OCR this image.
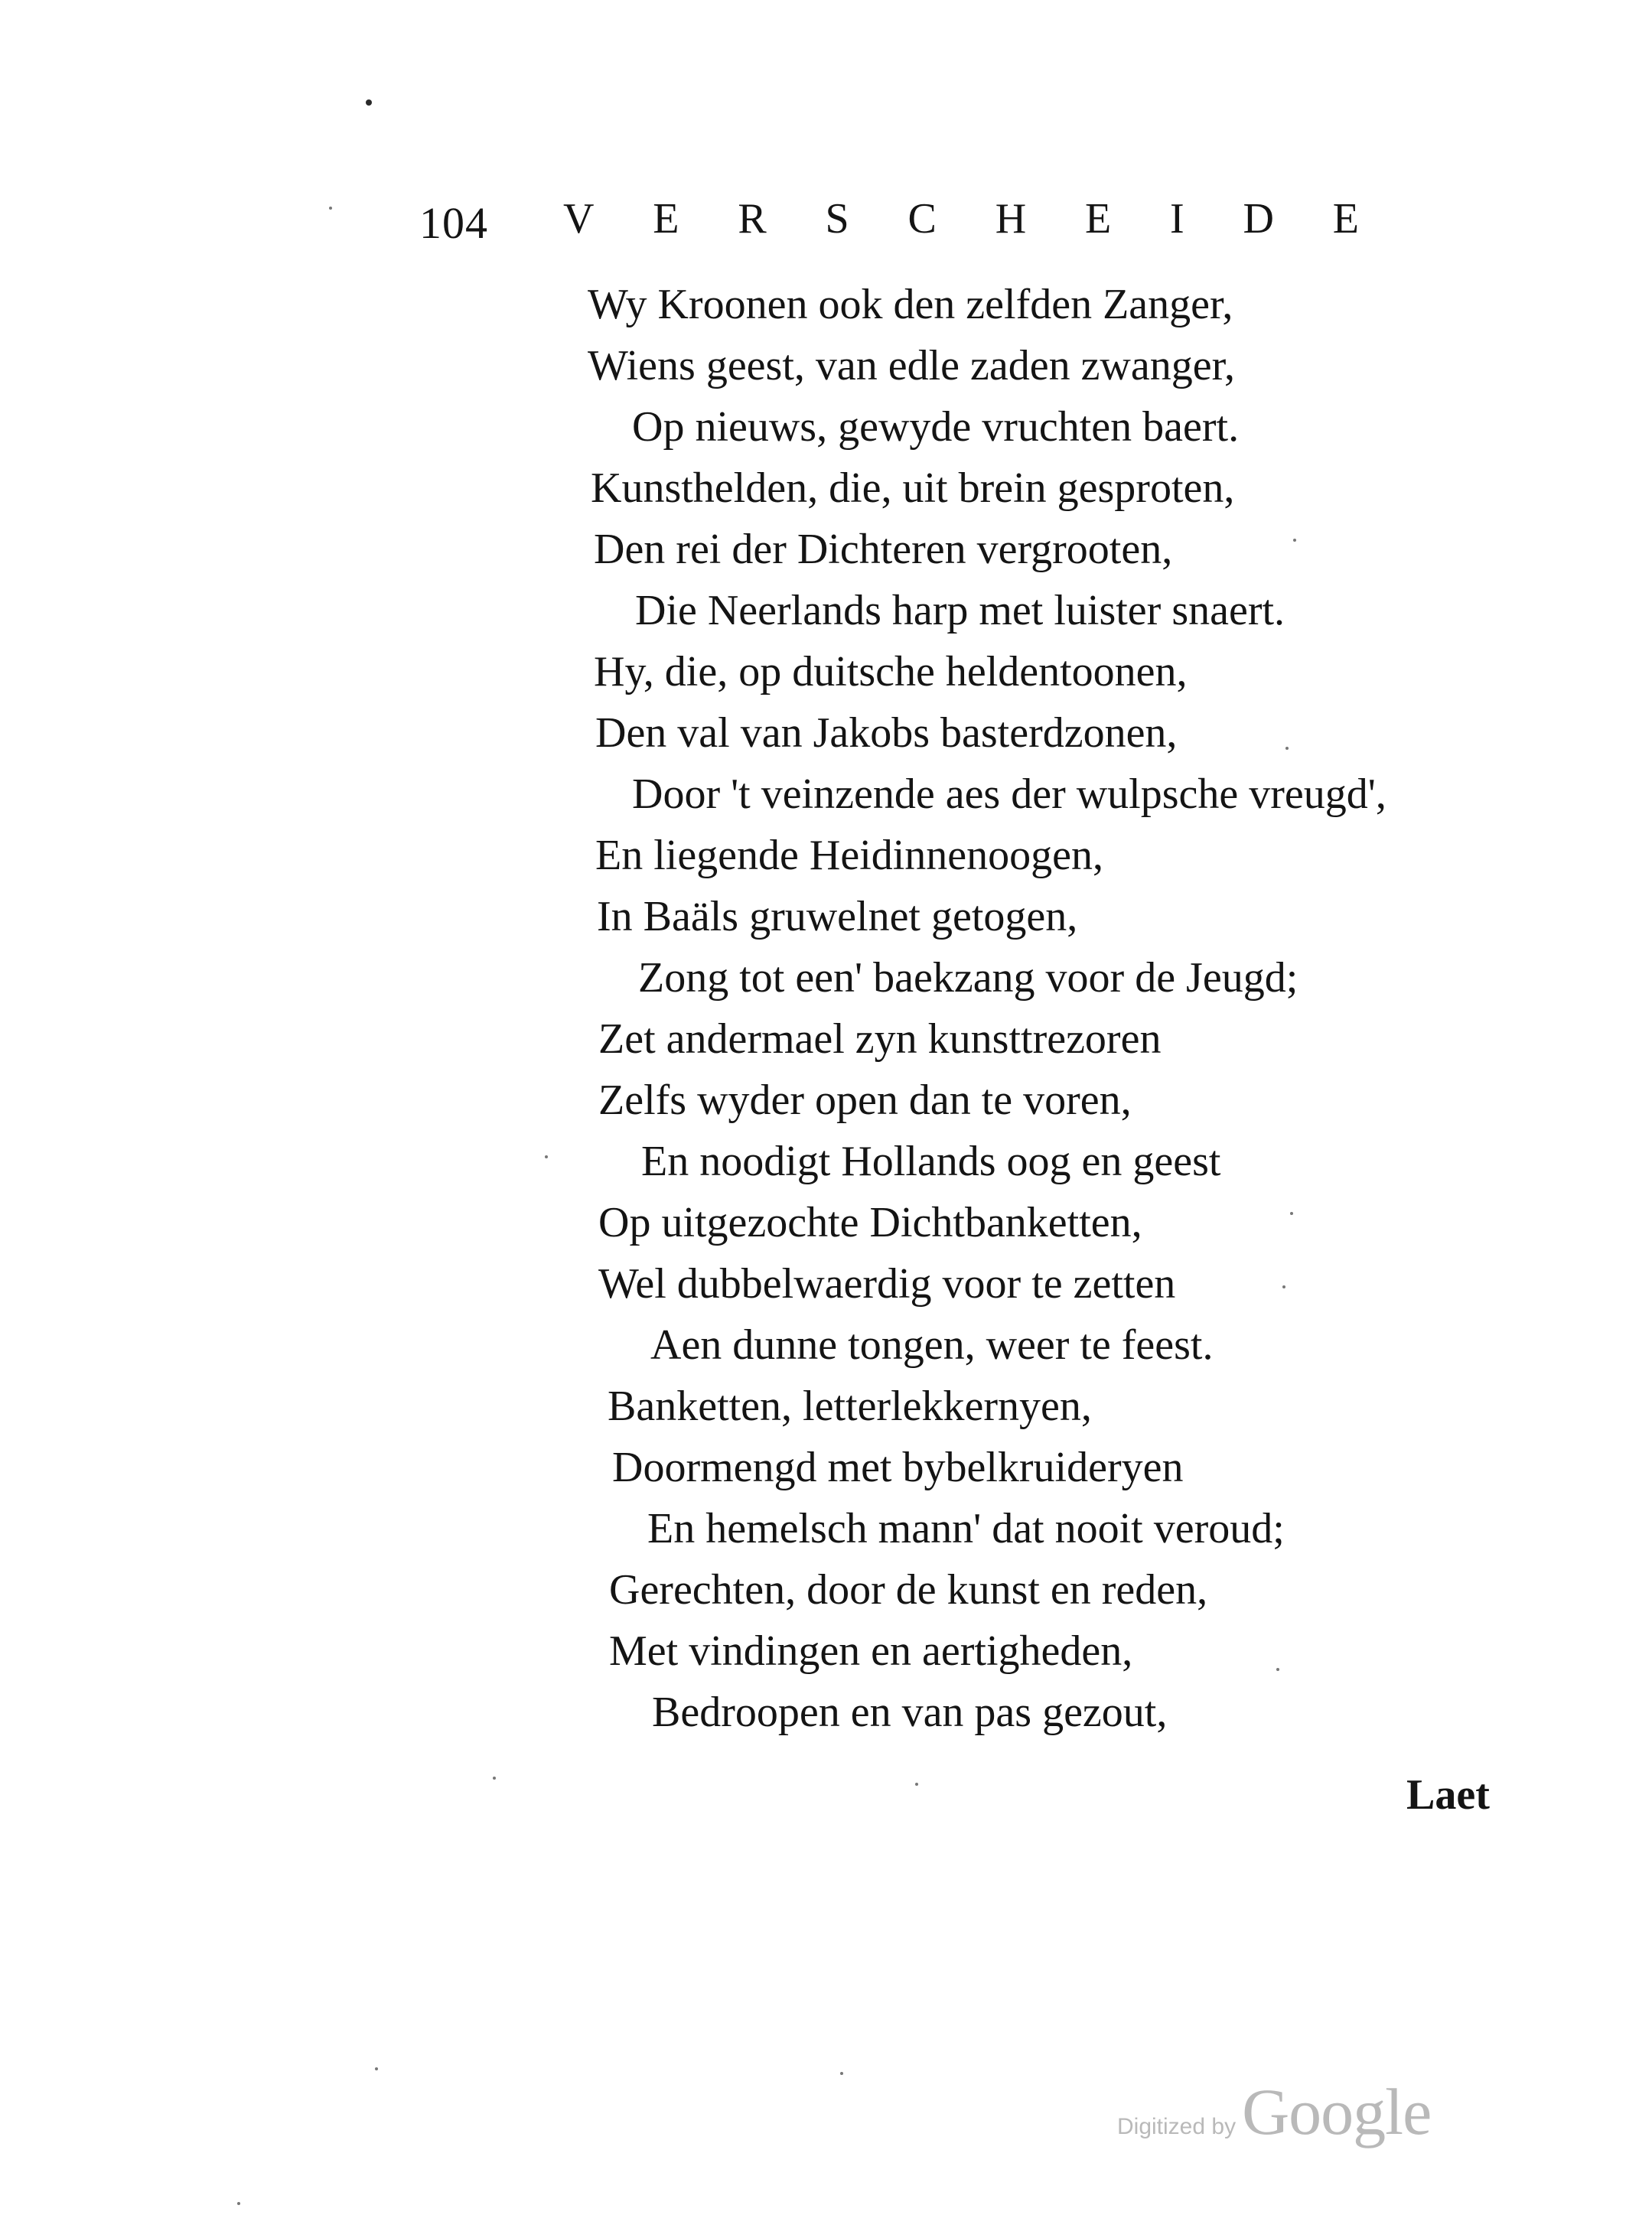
104 V E R S C H E I D E
Wy Kroonen ook den zelfden Zanger,
Wiens geest, van edle zaden zwanger,
Op nieuws, gewyde vruchten baert.
Kunsthelden, die, uit brein gesproten,
Den rei der Dichteren vergrooten,
Die Neerlands harp met luister snaert.
Hy, die, op duitsche heldentoonen,
Den val van Jakobs basterdzonen,
Door 't veinzende aes der wulpsche vreugd',
En liegende Heidinnenoogen,
In Baäls gruwelnet getogen,
Zong tot een' baekzang voor de Jeugd;
Zet andermael zyn kunsttrezoren
Zelfs wyder open dan te voren,
En noodigt Hollands oog en geest
Op uitgezochte Dichtbanketten,
Wel dubbelwaerdig voor te zetten
Aen dunne tongen, weer te feest.
Banketten, letterlekkernyen,
Doormengd met bybelkruideryen
En hemelsch mann' dat nooit veroud;
Gerechten, door de kunst en reden,
Met vindingen en aertigheden,
Bedroopen en van pas gezout,
Laet
Digitized by Google
